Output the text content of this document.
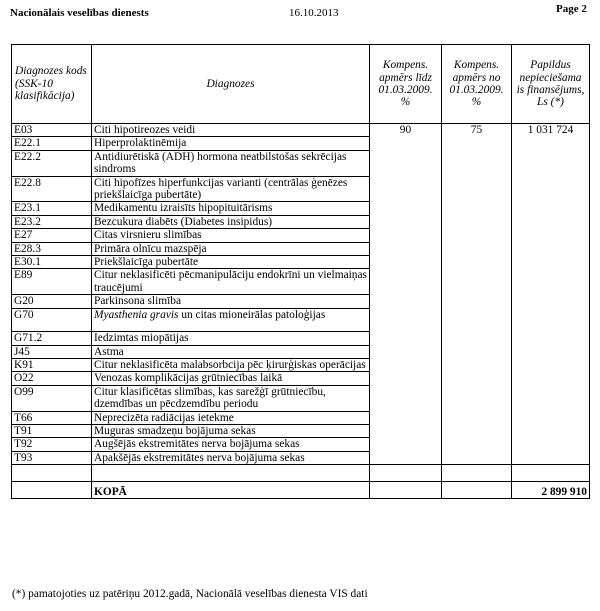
Nacionālais veselības dienests	16.10.2013	Page 2
Diagnozes kods (SSK-10 klasifikācija)	Diagnozes	Kompens. apmērs līdz 01.03.2009. %	Kompens. apmērs no 01.03.2009. %	Papildus nepieciešama is finansējums, Ls (*)
E03	Citi hipotireozes veidi	90	75	1 031 724
E22.1	Hiperprolaktinēmija			
E22.2	Antidiurētiskā (ADH) hormona neatbilstošas sekrēcijas sindroms			
E22.8	Citi hipofīzes hiperfunkcijas varianti (centrālas ģenēzes priekšlaicīga pubertāte)			
E23.1	Medikamentu izraisīts hipopituitārisms			
E23.2	Bezcukura diabēts (Diabetes insipidus)			
E27	Citas virsnieru slimības			
E28.3	Primāra olnīcu mazspēja			
E30.1	Priekšlaicīga pubertāte			
E89	Citur neklasificēti pēcmanipulāciju endokrīni un vielmaiņas traucējumi			
G20	Parkinsona slimība			
G70	Myasthenia gravis un citas mioneirālas patoloģijas			
G71.2	Iedzimtas miopātijas			
J45	Astma			
K91	Citur neklasificēta malabsorbcija pēc ķirurģiskas operācijas			
O22	Venozas komplikācijas grūtniecības laikā			
O99	Citur klasificētas slimības, kas sarežģī grūtniecību, dzemdības un pēcdzemdību periodu			
T66	Neprecizēta radiācijas ietekme			
T91	Muguras smadzeņu bojājuma sekas			
T92	Augšējās ekstremitātes nerva bojājuma sekas			
T93	Apakšējās ekstremitātes nerva bojājuma sekas			

	KOPĀ			2 899 910
(*) pamatojoties uz patēriņu 2012.gadā, Nacionālā veselības dienesta VIS dati
